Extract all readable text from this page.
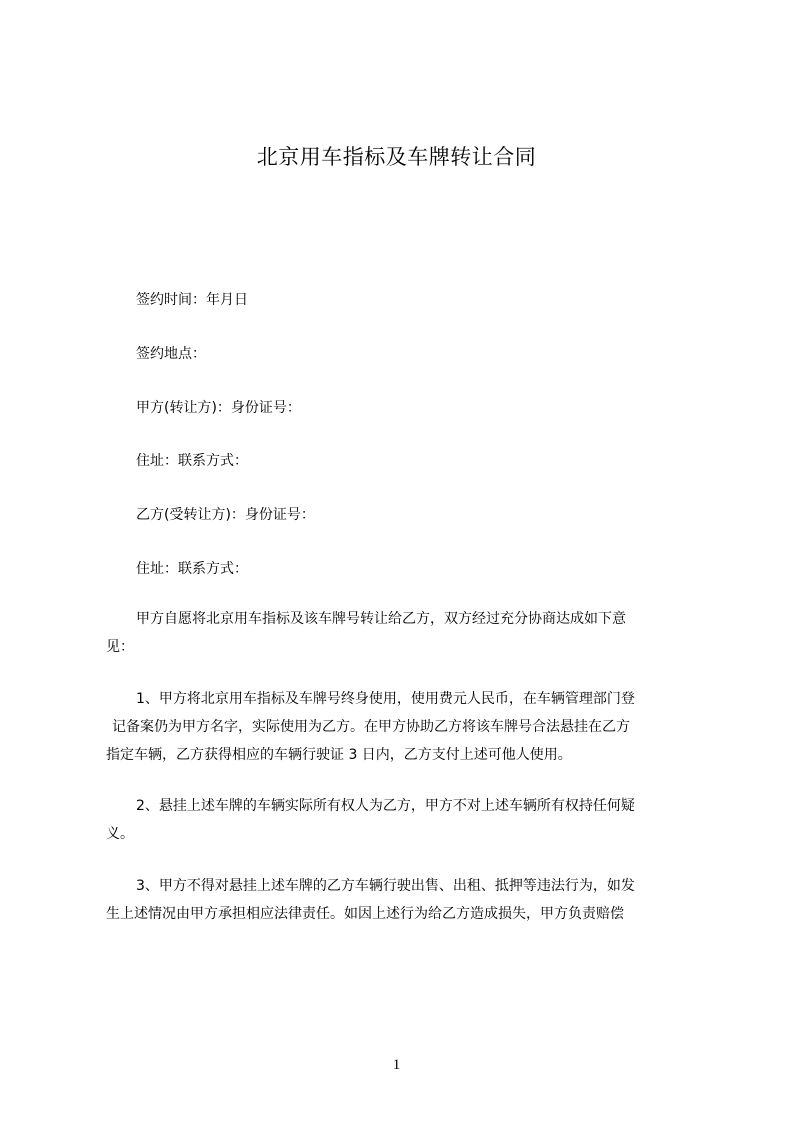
北京用车指标及车牌转让合同
签约时间：年月日
签约地点：
甲方(转让方)：身份证号：
住址：联系方式：
乙方(受转让方)：身份证号：
住址：联系方式：
甲方自愿将北京用车指标及该车牌号转让给乙方，双方经过充分协商达成如下意
见：
1、甲方将北京用车指标及车牌号终身使用，使用费元人民币，在车辆管理部门登
记备案仍为甲方名字，实际使用为乙方。在甲方协助乙方将该车牌号合法悬挂在乙方
指定车辆，乙方获得相应的车辆行驶证 3 日内，乙方支付上述可他人使用。
2、悬挂上述车牌的车辆实际所有权人为乙方，甲方不对上述车辆所有权持任何疑
义。
3、甲方不得对悬挂上述车牌的乙方车辆行驶出售、出租、抵押等违法行为，如发
生上述情况由甲方承担相应法律责任。如因上述行为给乙方造成损失，甲方负责赔偿
1
